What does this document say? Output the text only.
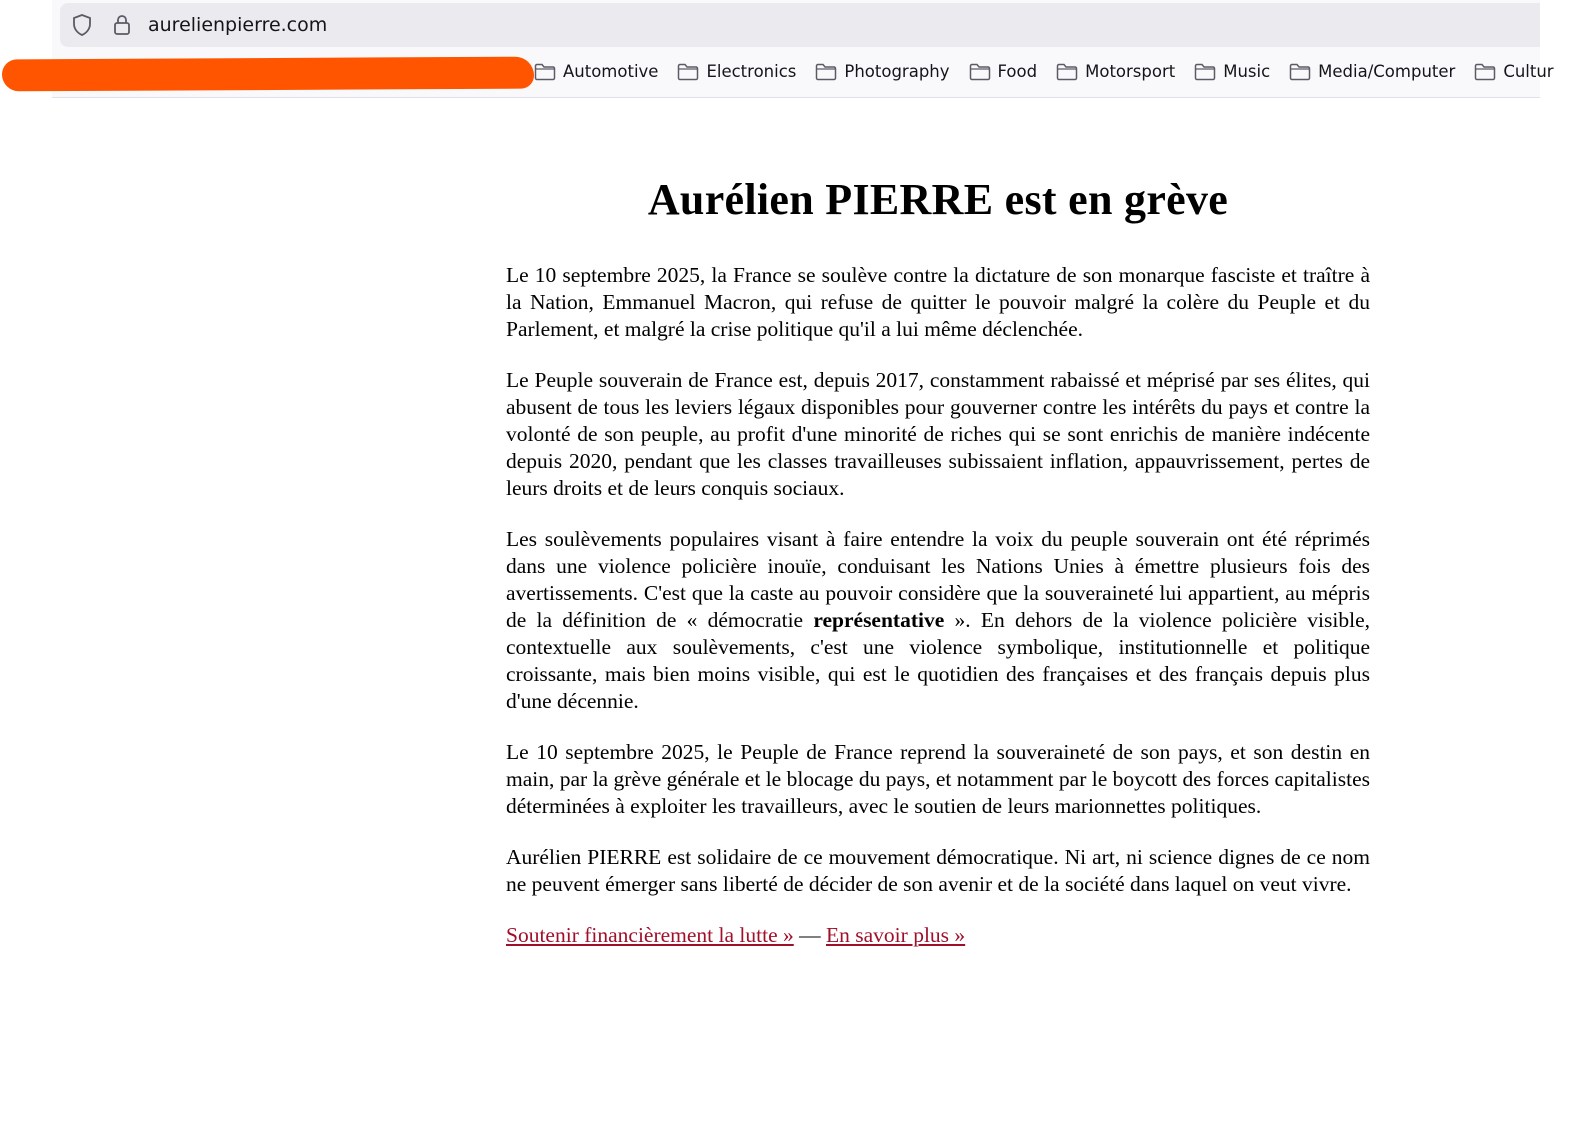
aurelienpierre.com
Automotive	Electronics	Photography	Food	Motorsport	Music	Media/Computer	Cultur
Aurélien PIERRE est en grève

Le 10 septembre 2025, la France se soulève contre la dictature de son monarque fasciste et traître à la Nation, Emmanuel Macron, qui refuse de quitter le pouvoir malgré la colère du Peuple et du Parlement, et malgré la crise politique qu'il a lui même déclenchée.

Le Peuple souverain de France est, depuis 2017, constamment rabaissé et méprisé par ses élites, qui abusent de tous les leviers légaux disponibles pour gouverner contre les intérêts du pays et contre la volonté de son peuple, au profit d'une minorité de riches qui se sont enrichis de manière indécente depuis 2020, pendant que les classes travailleuses subissaient inflation, appauvrissement, pertes de leurs droits et de leurs conquis sociaux.

Les soulèvements populaires visant à faire entendre la voix du peuple souverain ont été réprimés dans une violence policière inouïe, conduisant les Nations Unies à émettre plusieurs fois des avertissements. C'est que la caste au pouvoir considère que la souveraineté lui appartient, au mépris de la définition de « démocratie représentative ». En dehors de la violence policière visible, contextuelle aux soulèvements, c'est une violence symbolique, institutionnelle et politique croissante, mais bien moins visible, qui est le quotidien des françaises et des français depuis plus d'une décennie.

Le 10 septembre 2025, le Peuple de France reprend la souveraineté de son pays, et son destin en main, par la grève générale et le blocage du pays, et notamment par le boycott des forces capitalistes déterminées à exploiter les travailleurs, avec le soutien de leurs marionnettes politiques.

Aurélien PIERRE est solidaire de ce mouvement démocratique. Ni art, ni science dignes de ce nom ne peuvent émerger sans liberté de décider de son avenir et de la société dans laquel on veut vivre.

Soutenir financièrement la lutte » — En savoir plus »
